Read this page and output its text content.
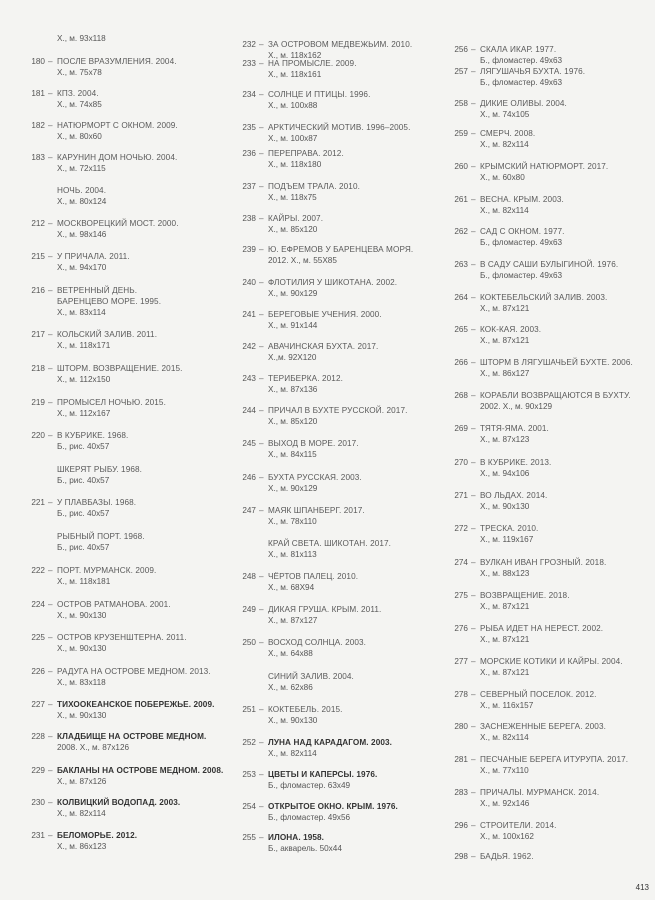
Х., м. 93х118
180 – ПОСЛЕ ВРАЗУМЛЕНИЯ. 2004.
Х., м. 75х78
181 – КПЗ. 2004.
Х., м. 74х85
182 – НАТЮРМОРТ С ОКНОМ. 2009.
Х., м. 80х60
183 – КАРУНИН ДОМ НОЧЬЮ. 2004.
Х., м. 72х115
НОЧЬ. 2004.
Х., м. 80х124
212 – МОСКВОРЕЦКИЙ МОСТ. 2000.
Х., м. 98х146
215 – У ПРИЧАЛА. 2011.
Х., м. 94х170
216 – ВЕТРЕННЫЙ ДЕНЬ.
БАРЕНЦЕВО МОРЕ. 1995.
Х., м. 83х114
217 – КОЛЬСКИЙ ЗАЛИВ. 2011.
Х., м. 118х171
218 – ШТОРМ. ВОЗВРАЩЕНИЕ. 2015.
Х., м. 112х150
219 – ПРОМЫСЕЛ НОЧЬЮ. 2015.
Х., м. 112х167
220 – В КУБРИКЕ. 1968.
Б., рис. 40х57
ШКЕРЯТ РЫБУ. 1968.
Б., рис. 40х57
221 – У ПЛАВБАЗЫ. 1968.
Б., рис. 40х57
РЫБНЫЙ ПОРТ. 1968.
Б., рис. 40х57
222 – ПОРТ. МУРМАНСК. 2009.
Х., м. 118х181
224 – ОСТРОВ РАТМАНОВА. 2001.
Х., м. 90х130
225 – ОСТРОВ КРУЗЕНШТЕРНА. 2011.
Х., м. 90х130
226 – РАДУГА НА ОСТРОВЕ МЕДНОМ. 2013.
Х., м. 83х118
227 – ТИХООКЕАНСКОЕ ПОБЕРЕЖЬЕ. 2009.
Х., м. 90х130
228 – КЛАДБИЩЕ НА ОСТРОВЕ МЕДНОМ.
2008. Х., м. 87х126
229 – БАКЛАНЫ НА ОСТРОВЕ МЕДНОМ. 2008.
Х., м. 87х126
230 – КОЛВИЦКИЙ ВОДОПАД. 2003.
Х., м. 82х114
231 – БЕЛОМОРЬЕ. 2012.
Х., м. 86х123
232 – ЗА ОСТРОВОМ МЕДВЕЖЬИМ. 2010.
Х., м. 118х162
233 – НА ПРОМЫСЛЕ. 2009.
Х., м. 118х161
234 – СОЛНЦЕ И ПТИЦЫ. 1996.
Х., м. 100х88
235 – АРКТИЧЕСКИЙ МОТИВ. 1996–2005.
Х., м. 100х87
236 – ПЕРЕПРАВА. 2012.
Х., м. 118х180
237 – ПОДЪЕМ ТРАЛА. 2010.
Х., м. 118х75
238 – КАЙРЫ. 2007.
Х., м. 85х120
239 – Ю. ЕФРЕМОВ У БАРЕНЦЕВА МОРЯ.
2012. Х., м. 55Х85
240 – ФЛОТИЛИЯ У ШИКОТАНА. 2002.
Х., м. 90х129
241 – БЕРЕГОВЫЕ УЧЕНИЯ. 2000.
Х., м. 91х144
242 – АВАЧИНСКАЯ БУХТА. 2017.
Х.,м. 92Х120
243 – ТЕРИБЕРКА. 2012.
Х., м. 87х136
244 – ПРИЧАЛ В БУХТЕ РУССКОЙ. 2017.
Х., м. 85х120
245 – ВЫХОД В МОРЕ. 2017.
Х., м. 84х115
246 – БУХТА РУССКАЯ. 2003.
Х., м. 90х129
247 – МАЯК ШПАНБЕРГ. 2017.
Х., м. 78х110
КРАЙ СВЕТА. ШИКОТАН. 2017.
Х., м. 81х113
248 – ЧЁРТОВ ПАЛЕЦ. 2010.
Х., м. 68Х94
249 – ДИКАЯ ГРУША. КРЫМ. 2011.
Х., м. 87х127
250 – ВОСХОД СОЛНЦА. 2003.
Х., м. 64х88
СИНИЙ ЗАЛИВ. 2004.
Х., м. 62х86
251 – КОКТЕБЕЛЬ. 2015.
Х., м. 90х130
252 – ЛУНА НАД КАРАДАГОМ. 2003.
Х., м. 82х114
253 – ЦВЕТЫ И КАПЕРСЫ. 1976.
Б., фломастер. 63х49
254 – ОТКРЫТОЕ ОКНО. КРЫМ. 1976.
Б., фломастер. 49х56
255 – ИЛОНА. 1958.
Б., акварель. 50х44
256 – СКАЛА ИКАР. 1977.
Б., фломастер. 49х63
257 – ЛЯГУШАЧЬЯ БУХТА. 1976.
Б., фломастер. 49х63
258 – ДИКИЕ ОЛИВЫ. 2004.
Х., м. 74х105
259 – СМЕРЧ. 2008.
Х., м. 82х114
260 – КРЫМСКИЙ НАТЮРМОРТ. 2017.
Х., м. 60х80
261 – ВЕСНА. КРЫМ. 2003.
Х., м. 82х114
262 – САД С ОКНОМ. 1977.
Б., фломастер. 49х63
263 – В САДУ САШИ БУЛЫГИНОЙ. 1976.
Б., фломастер. 49х63
264 – КОКТЕБЕЛЬСКИЙ ЗАЛИВ. 2003.
Х., м. 87х121
265 – КОК-КАЯ. 2003.
Х., м. 87х121
266 – ШТОРМ В ЛЯГУШАЧЬЕЙ БУХТЕ. 2006.
Х., м. 86х127
268 – КОРАБЛИ ВОЗВРАЩАЮТСЯ В БУХТУ.
2002. Х., м. 90х129
269 – ТЯТЯ-ЯМА. 2001.
Х., м. 87х123
270 – В КУБРИКЕ. 2013.
Х., м. 94х106
271 – ВО ЛЬДАХ. 2014.
Х., м. 90х130
272 – ТРЕСКА. 2010.
Х., м. 119х167
274 – ВУЛКАН ИВАН ГРОЗНЫЙ. 2018.
Х., м. 88х123
275 – ВОЗВРАЩЕНИЕ. 2018.
Х., м. 87х121
276 – РЫБА ИДЕТ НА НЕРЕСТ. 2002.
Х., м. 87х121
277 – МОРСКИЕ КОТИКИ И КАЙРЫ. 2004.
Х., м. 87х121
278 – СЕВЕРНЫЙ ПОСЕЛОК. 2012.
Х., м. 116х157
280 – ЗАСНЕЖЕННЫЕ БЕРЕГА. 2003.
Х., м. 82х114
281 – ПЕСЧАНЫЕ БЕРЕГА ИТУРУПА. 2017.
Х., м. 77х110
283 – ПРИЧАЛЫ. МУРМАНСК. 2014.
Х., м. 92х146
296 – СТРОИТЕЛИ. 2014.
Х., м. 100х162
298 – БАДЬЯ. 1962.
413
